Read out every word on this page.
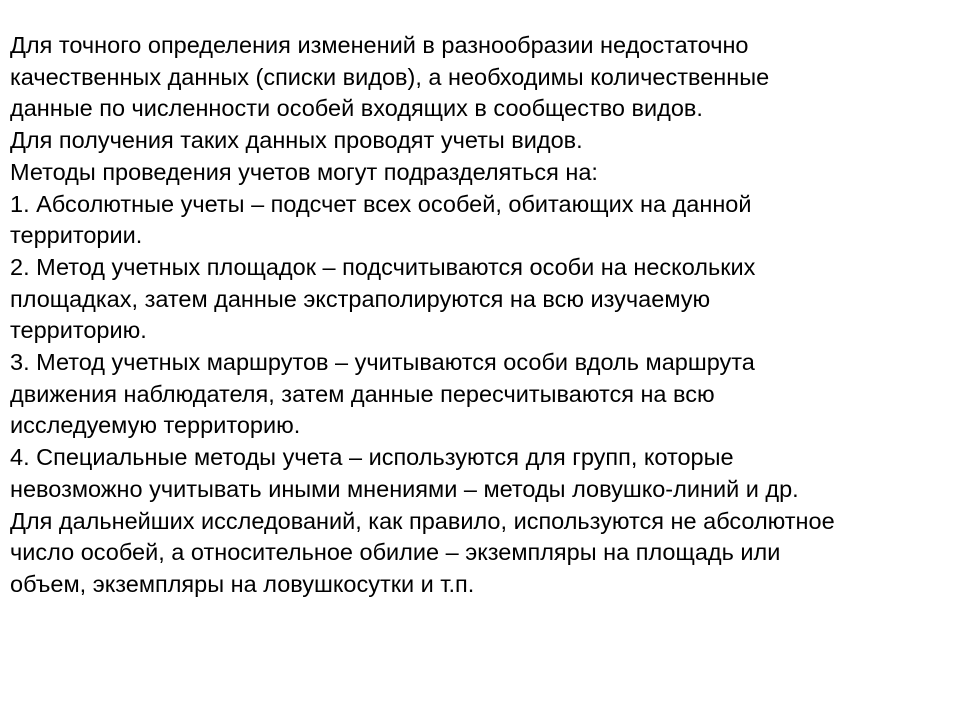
Для точного определения изменений в разнообразии недостаточно
качественных данных (списки видов), а необходимы количественные
данные по численности особей входящих в сообщество видов.
Для получения таких данных проводят учеты видов.
Методы проведения учетов могут подразделяться на:
1. Абсолютные учеты – подсчет всех особей, обитающих на данной
территории.
2. Метод учетных площадок – подсчитываются особи на нескольких
площадках, затем данные экстраполируются на всю изучаемую
территорию.
3. Метод учетных маршрутов – учитываются особи вдоль маршрута
движения наблюдателя, затем данные пересчитываются на всю
исследуемую территорию.
4. Специальные методы учета – используются для групп, которые
невозможно учитывать иными мнениями – методы ловушко-линий и др.
Для дальнейших исследований, как правило, используются не абсолютное
число особей, а относительное обилие – экземпляры на площадь или
объем, экземпляры на ловушкосутки и т.п.
